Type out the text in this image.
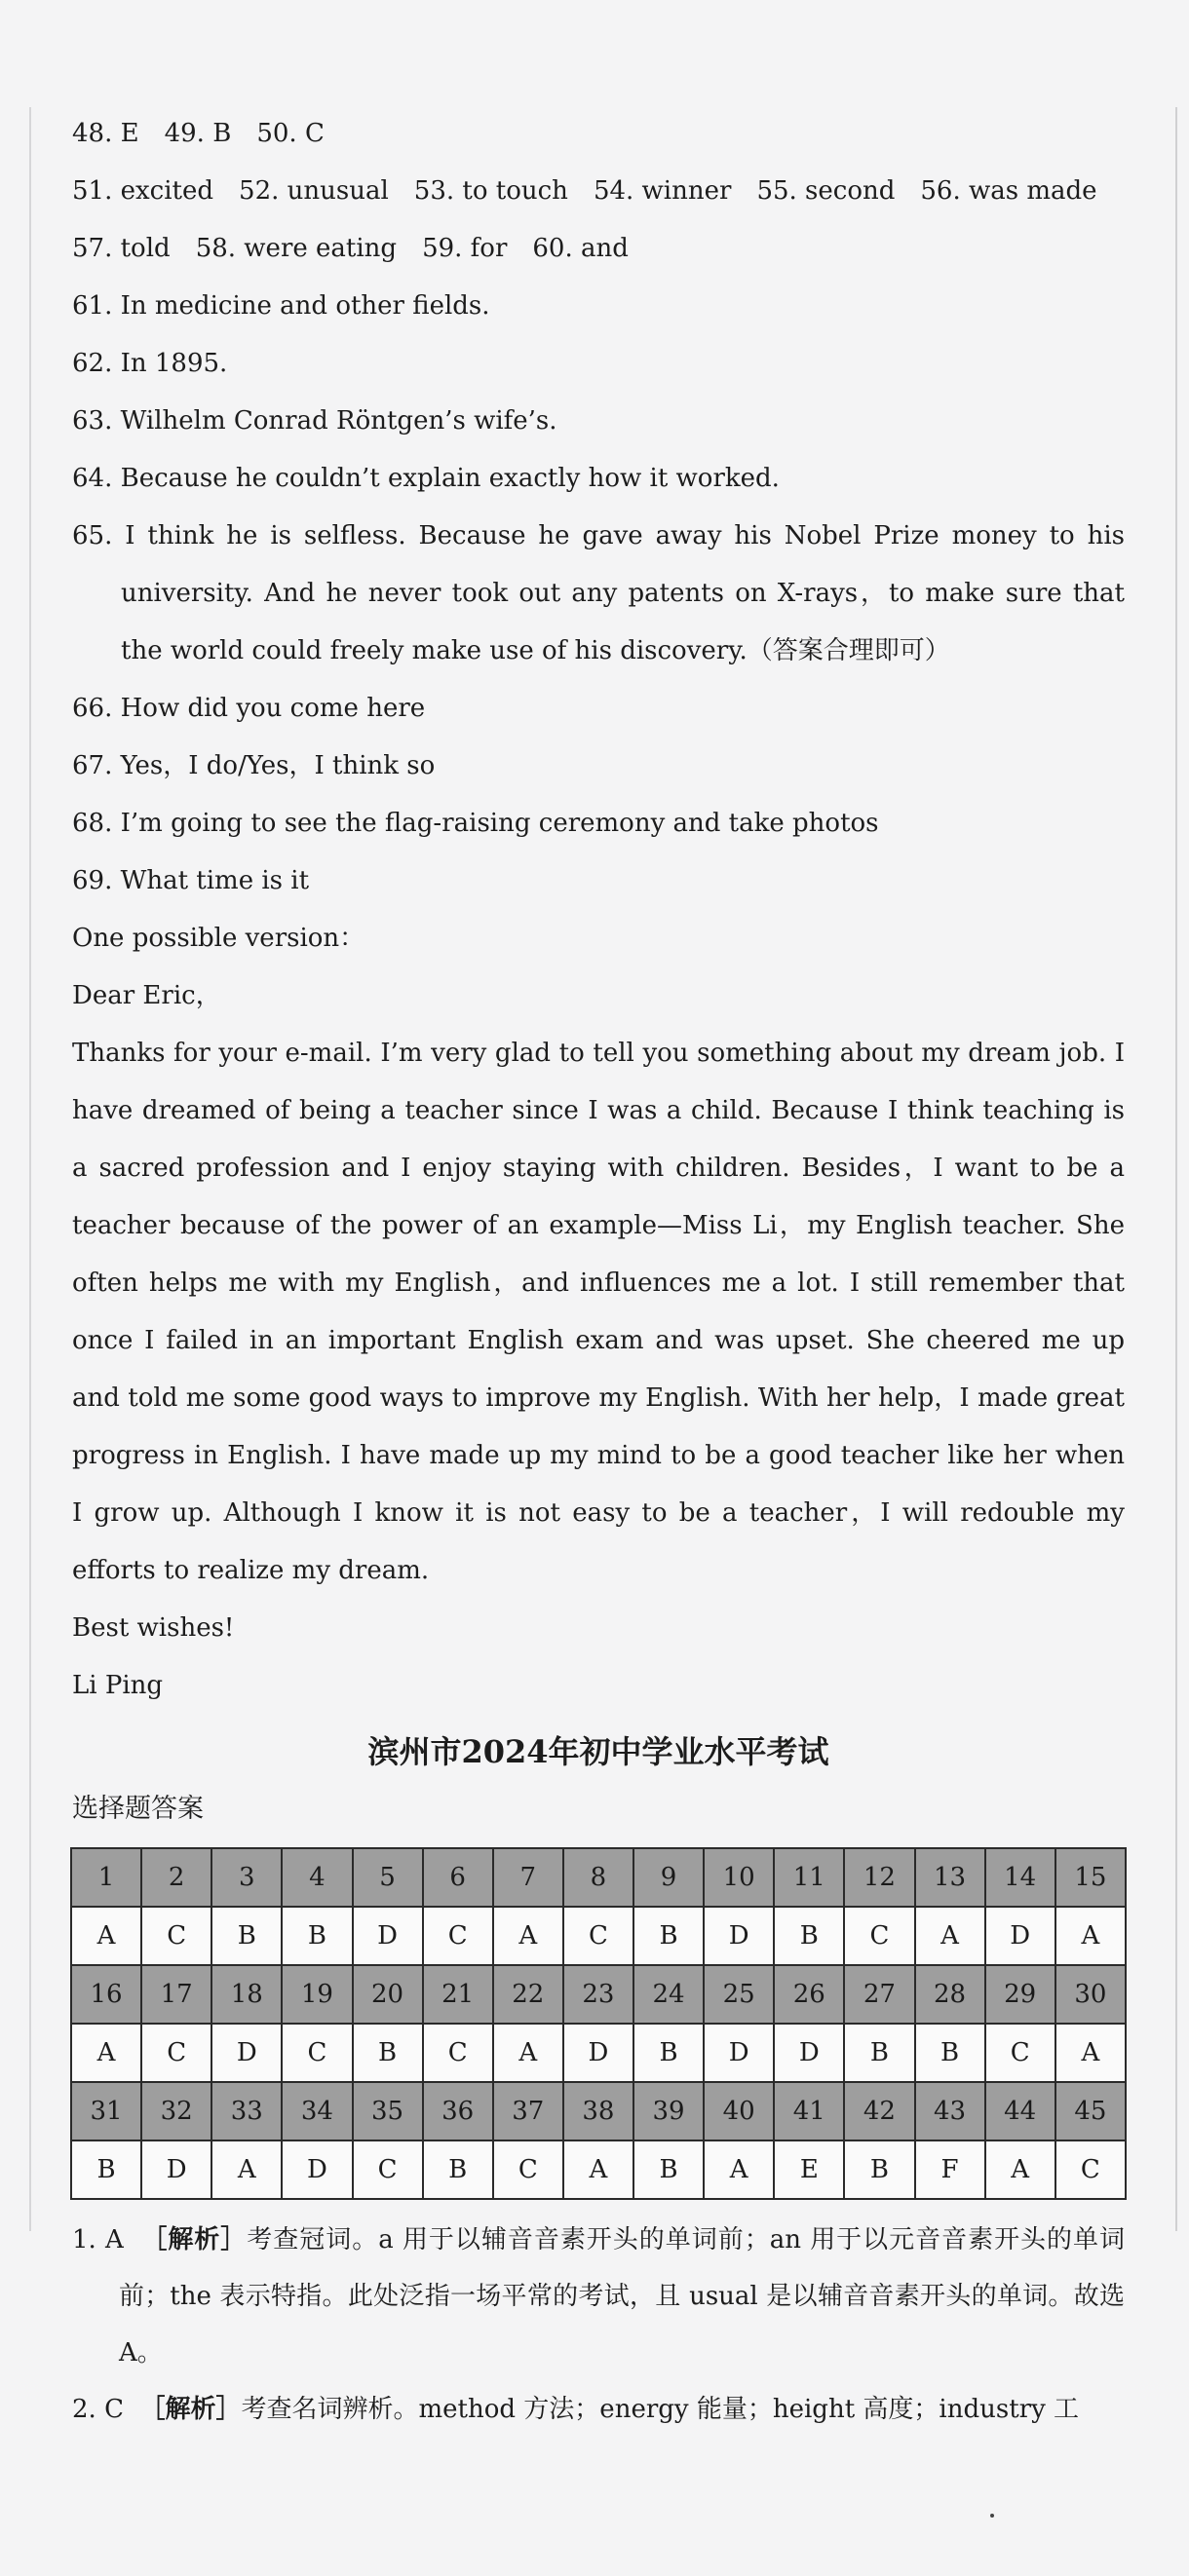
48. E 49. B 50. C
51. excited 52. unusual 53. to touch 54. winner 55. second 56. was made
57. told 58. were eating 59. for 60. and
61. In medicine and other fields.
62. In 1895.
63. Wilhelm Conrad Röntgen’s wife’s.
64. Because he couldn’t explain exactly how it worked.
65. I think he is selfless. Because he gave away his Nobel Prize money to his university. And he never took out any patents on X-rays，to make sure that the world could freely make use of his discovery.（答案合理即可）
66. How did you come here
67. Yes，I do/Yes，I think so
68. I’m going to see the flag-raising ceremony and take photos
69. What time is it
One possible version：
Dear Eric，
Thanks for your e-mail. I’m very glad to tell you something about my dream job. I have dreamed of being a teacher since I was a child. Because I think teaching is a sacred profession and I enjoy staying with children. Besides，I want to be a teacher because of the power of an example—Miss Li，my English teacher. She often helps me with my English，and influences me a lot. I still remember that once I failed in an important English exam and was upset. She cheered me up and told me some good ways to improve my English. With her help，I made great progress in English. I have made up my mind to be a good teacher like her when I grow up. Although I know it is not easy to be a teacher，I will redouble my efforts to realize my dream.
Best wishes!
Li Ping
滨州市2024年初中学业水平考试
选择题答案
1	2	3	4	5	6	7	8	9	10	11	12	13	14	15
A	C	B	B	D	C	A	C	B	D	B	C	A	D	A
16	17	18	19	20	21	22	23	24	25	26	27	28	29	30
A	C	D	C	B	C	A	D	B	D	D	B	B	C	A
31	32	33	34	35	36	37	38	39	40	41	42	43	44	45
B	D	A	D	C	B	C	A	B	A	E	B	F	A	C
1. A ［解析］考查冠词。a 用于以辅音音素开头的单词前；an 用于以元音音素开头的单词前；the 表示特指。此处泛指一场平常的考试，且 usual 是以辅音音素开头的单词。故选 A。
2. C ［解析］考查名词辨析。method 方法；energy 能量；height 高度；industry 工
